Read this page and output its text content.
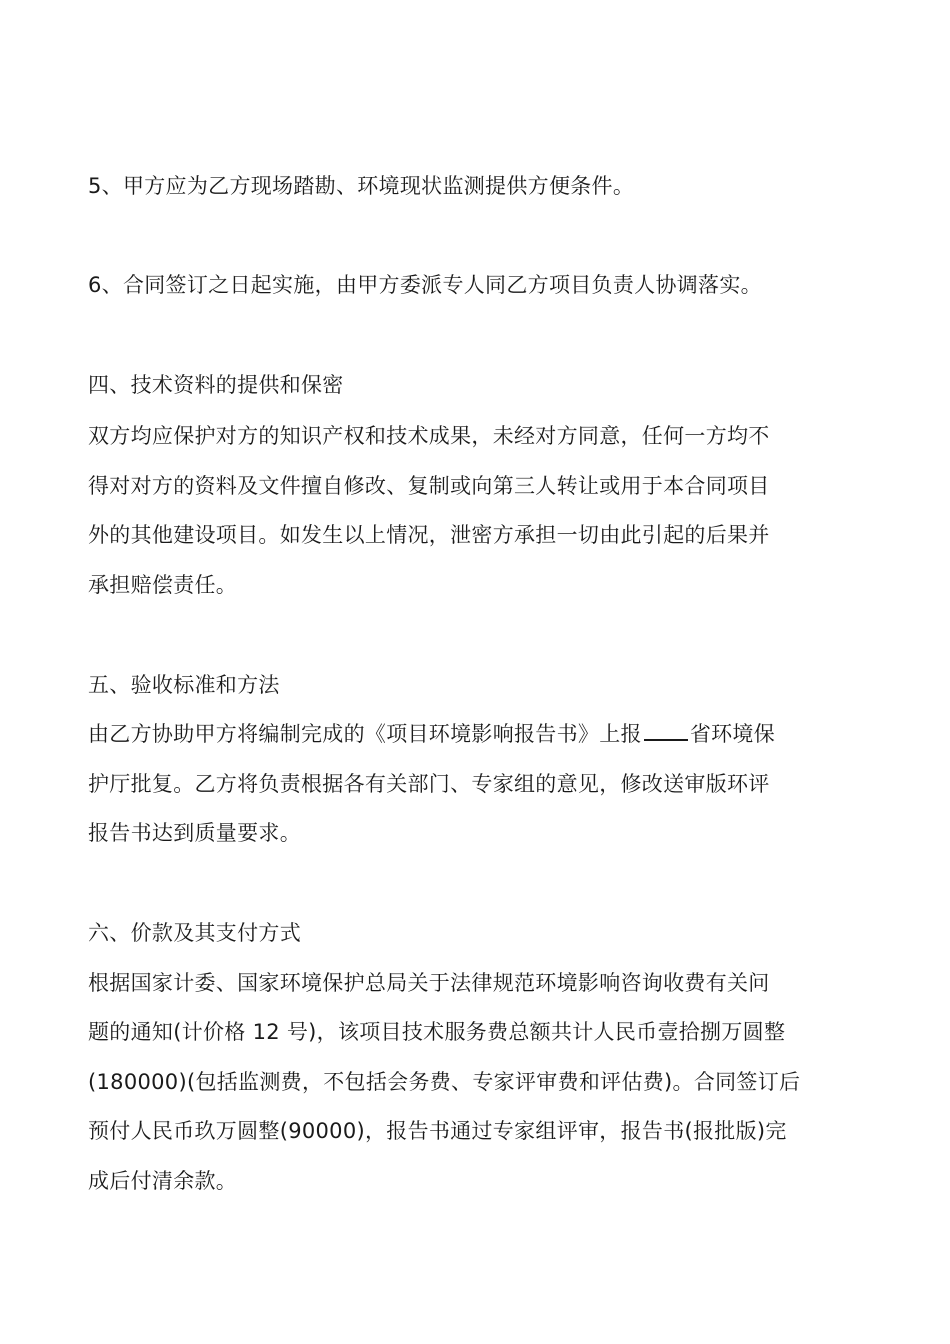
5、甲方应为乙方现场踏勘、环境现状监测提供方便条件。
6、合同签订之日起实施，由甲方委派专人同乙方项目负责人协调落实。
四、技术资料的提供和保密
双方均应保护对方的知识产权和技术成果，未经对方同意，任何一方均不
得对对方的资料及文件擅自修改、复制或向第三人转让或用于本合同项目
外的其他建设项目。如发生以上情况，泄密方承担一切由此引起的后果并
承担赔偿责任。
五、验收标准和方法
由乙方协助甲方将编制完成的《项目环境影响报告书》上报 省环境保
护厅批复。乙方将负责根据各有关部门、专家组的意见，修改送审版环评
报告书达到质量要求。
六、价款及其支付方式
根据国家计委、国家环境保护总局关于法律规范环境影响咨询收费有关问
题的通知(计价格 12 号)，该项目技术服务费总额共计人民币壹拾捌万圆整
(180000)(包括监测费，不包括会务费、专家评审费和评估费)。合同签订后
预付人民币玖万圆整(90000)，报告书通过专家组评审，报告书(报批版)完
成后付清余款。
